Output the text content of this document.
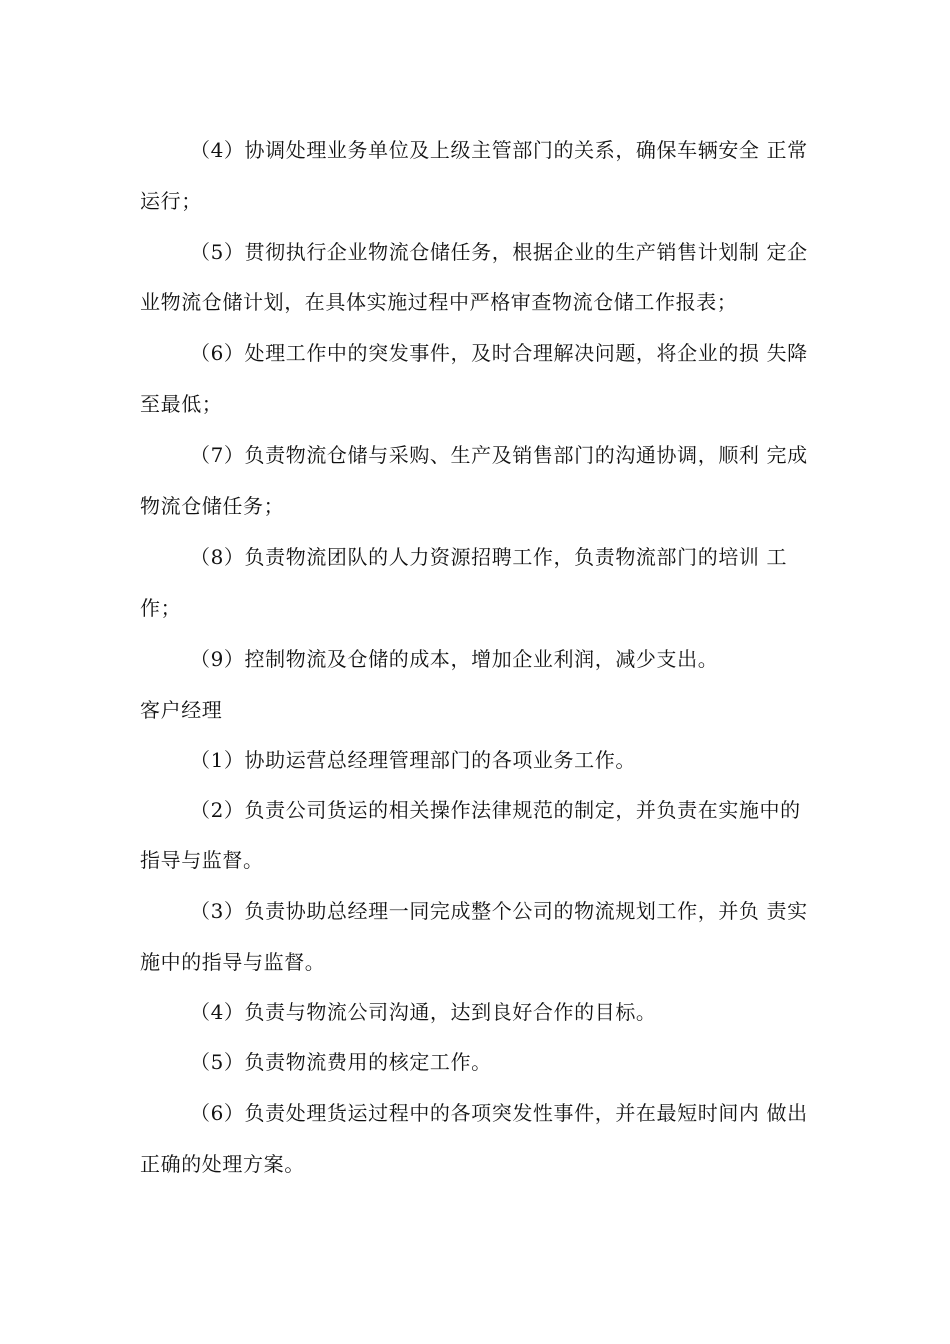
（4）协调处理业务单位及上级主管部门的关系，确保车辆安全 正常
运行；
（5）贯彻执行企业物流仓储任务，根据企业的生产销售计划制 定企
业物流仓储计划，在具体实施过程中严格审查物流仓储工作报表；
（6）处理工作中的突发事件，及时合理解决问题，将企业的损 失降
至最低；
（7）负责物流仓储与采购、生产及销售部门的沟通协调，顺利 完成
物流仓储任务；
（8）负责物流团队的人力资源招聘工作，负责物流部门的培训 工
作；
（9）控制物流及仓储的成本，增加企业利润，减少支出。
客户经理
（1）协助运营总经理管理部门的各项业务工作。
（2）负责公司货运的相关操作法律规范的制定，并负责在实施中的
指导与监督。
（3）负责协助总经理一同完成整个公司的物流规划工作，并负 责实
施中的指导与监督。
（4）负责与物流公司沟通，达到良好合作的目标。
（5）负责物流费用的核定工作。
（6）负责处理货运过程中的各项突发性事件，并在最短时间内 做出
正确的处理方案。
